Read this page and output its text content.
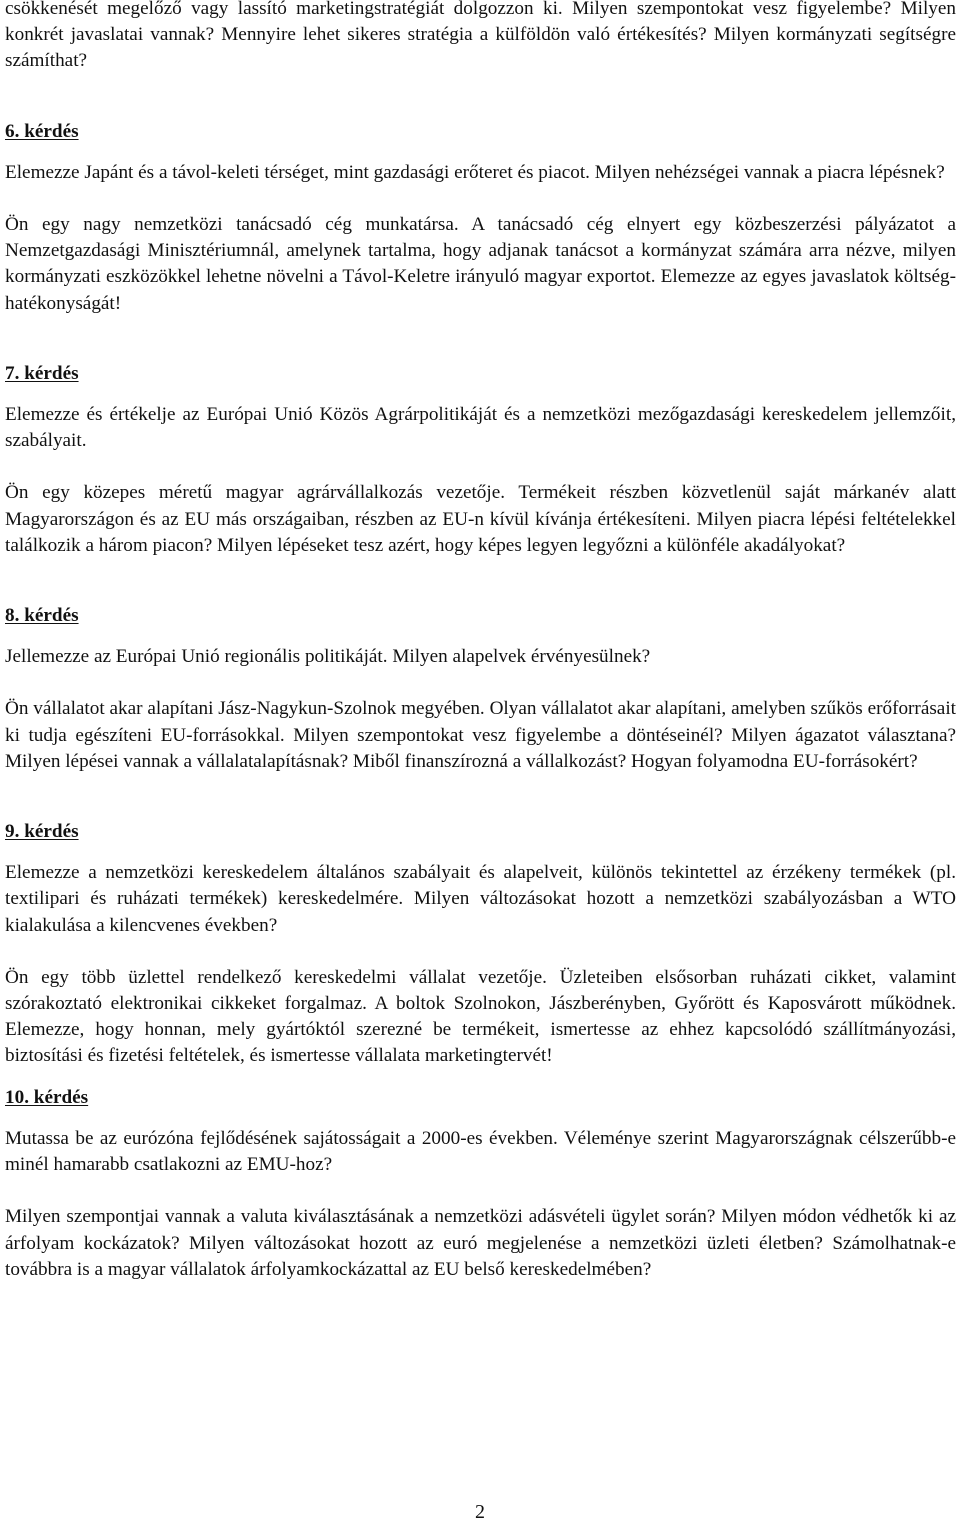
csökkenését megelőző vagy lassító marketingstratégiát dolgozzon ki. Milyen szempontokat vesz figyelembe? Milyen konkrét javaslatai vannak? Mennyire lehet sikeres stratégia a külföldön való értékesítés? Milyen kormányzati segítségre számíthat?

6. kérdés

Elemezze Japánt és a távol-keleti térséget, mint gazdasági erőteret és piacot. Milyen nehézségei vannak a piacra lépésnek?

Ön egy nagy nemzetközi tanácsadó cég munkatársa. A tanácsadó cég elnyert egy közbeszerzési pályázatot a Nemzetgazdasági Minisztériumnál, amelynek tartalma, hogy adjanak tanácsot a kormányzat számára arra nézve, milyen kormányzati eszközökkel lehetne növelni a Távol-Keletre irányuló magyar exportot. Elemezze az egyes javaslatok költség-hatékonyságát!

7. kérdés

Elemezze és értékelje az Európai Unió Közös Agrárpolitikáját és a nemzetközi mezőgazdasági kereskedelem jellemzőit, szabályait.

Ön egy közepes méretű magyar agrárvállalkozás vezetője. Termékeit részben közvetlenül saját márkanév alatt Magyarországon és az EU más országaiban, részben az EU-n kívül kívánja értékesíteni. Milyen piacra lépési feltételekkel találkozik a három piacon? Milyen lépéseket tesz azért, hogy képes legyen legyőzni a különféle akadályokat?

8. kérdés

Jellemezze az Európai Unió regionális politikáját. Milyen alapelvek érvényesülnek?

Ön vállalatot akar alapítani Jász-Nagykun-Szolnok megyében. Olyan vállalatot akar alapítani, amelyben szűkös erőforrásait ki tudja egészíteni EU-forrásokkal. Milyen szempontokat vesz figyelembe a döntéseinél? Milyen ágazatot választana? Milyen lépései vannak a vállalatalapításnak? Miből finanszírozná a vállalkozást? Hogyan folyamodna EU-forrásokért?

9. kérdés

Elemezze a nemzetközi kereskedelem általános szabályait és alapelveit, különös tekintettel az érzékeny termékek (pl. textilipari és ruházati termékek) kereskedelmére. Milyen változásokat hozott a nemzetközi szabályozásban a WTO kialakulása a kilencvenes években?

Ön egy több üzlettel rendelkező kereskedelmi vállalat vezetője. Üzleteiben elsősorban ruházati cikket, valamint szórakoztató elektronikai cikkeket forgalmaz. A boltok Szolnokon, Jászberényben, Győrött és Kaposvárott működnek. Elemezze, hogy honnan, mely gyártóktól szerezné be termékeit, ismertesse az ehhez kapcsolódó szállítmányozási, biztosítási és fizetési feltételek, és ismertesse vállalata marketingtervét!

10. kérdés

Mutassa be az eurózóna fejlődésének sajátosságait a 2000-es években. Véleménye szerint Magyarországnak célszerűbb-e minél hamarabb csatlakozni az EMU-hoz?

Milyen szempontjai vannak a valuta kiválasztásának a nemzetközi adásvételi ügylet során? Milyen módon védhetők ki az árfolyam kockázatok? Milyen változásokat hozott az euró megjelenése a nemzetközi üzleti életben? Számolhatnak-e továbbra is a magyar vállalatok árfolyamkockázattal az EU belső kereskedelmében?

2
